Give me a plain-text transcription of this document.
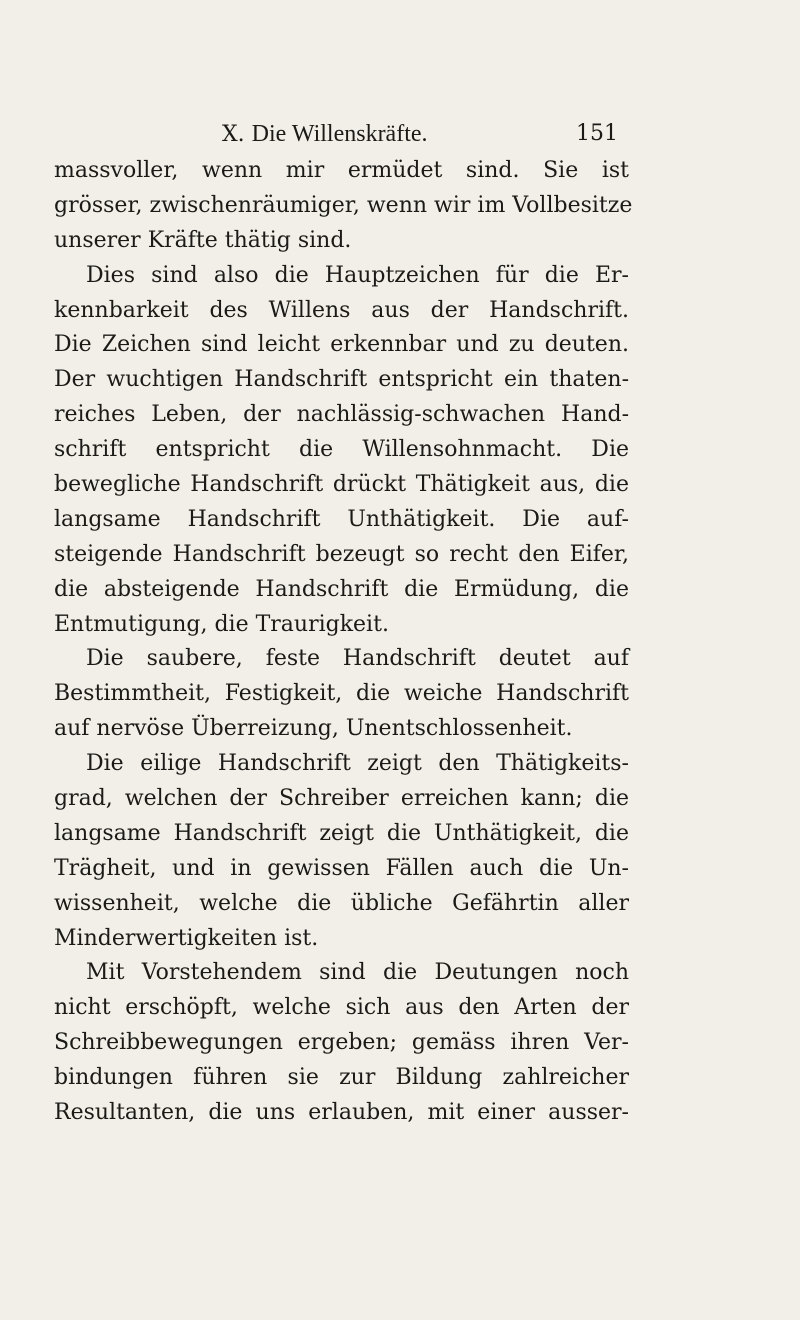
X. Die Willenskräfte.	151
massvoller, wenn mir ermüdet sind. Sie ist
grösser, zwischenräumiger, wenn wir im Vollbesitze
unserer Kräfte thätig sind.
Dies sind also die Hauptzeichen für die Er-
kennbarkeit des Willens aus der Handschrift.
Die Zeichen sind leicht erkennbar und zu deuten.
Der wuchtigen Handschrift entspricht ein thaten-
reiches Leben, der nachlässig-schwachen Hand-
schrift entspricht die Willensohnmacht. Die
bewegliche Handschrift drückt Thätigkeit aus, die
langsame Handschrift Unthätigkeit. Die auf-
steigende Handschrift bezeugt so recht den Eifer,
die absteigende Handschrift die Ermüdung, die
Entmutigung, die Traurigkeit.
Die saubere, feste Handschrift deutet auf
Bestimmtheit, Festigkeit, die weiche Handschrift
auf nervöse Überreizung, Unentschlossenheit.
Die eilige Handschrift zeigt den Thätigkeits-
grad, welchen der Schreiber erreichen kann; die
langsame Handschrift zeigt die Unthätigkeit, die
Trägheit, und in gewissen Fällen auch die Un-
wissenheit, welche die übliche Gefährtin aller
Minderwertigkeiten ist.
Mit Vorstehendem sind die Deutungen noch
nicht erschöpft, welche sich aus den Arten der
Schreibbewegungen ergeben; gemäss ihren Ver-
bindungen führen sie zur Bildung zahlreicher
Resultanten, die uns erlauben, mit einer ausser-
